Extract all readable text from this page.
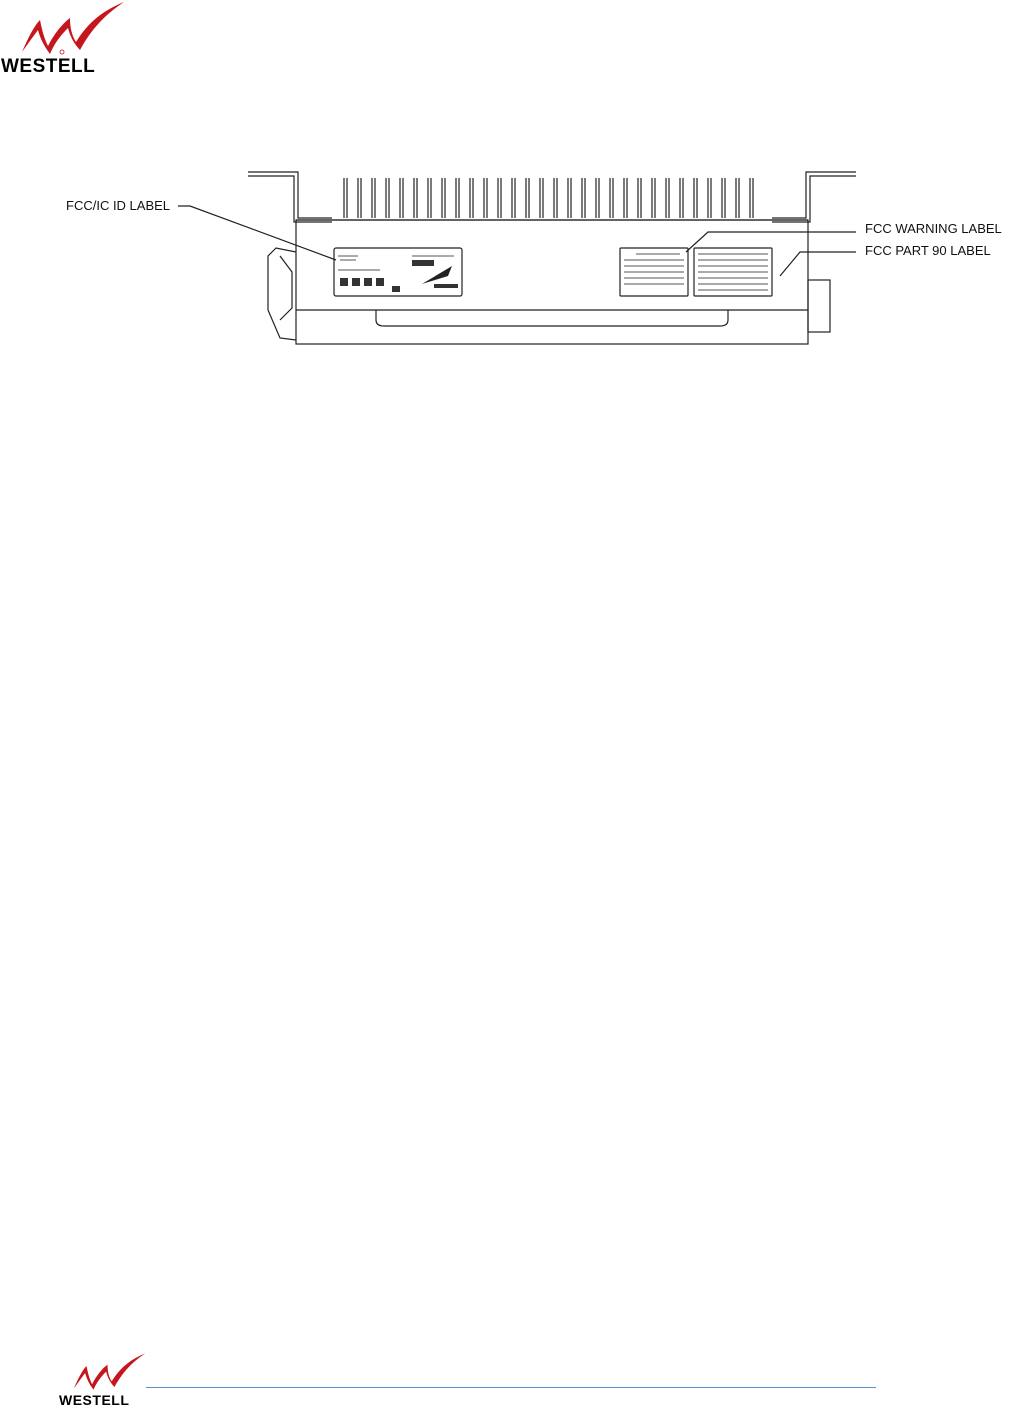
WESTELL
FCC/IC ID LABEL
FCC WARNING LABEL
FCC PART 90 LABEL
WESTELL
